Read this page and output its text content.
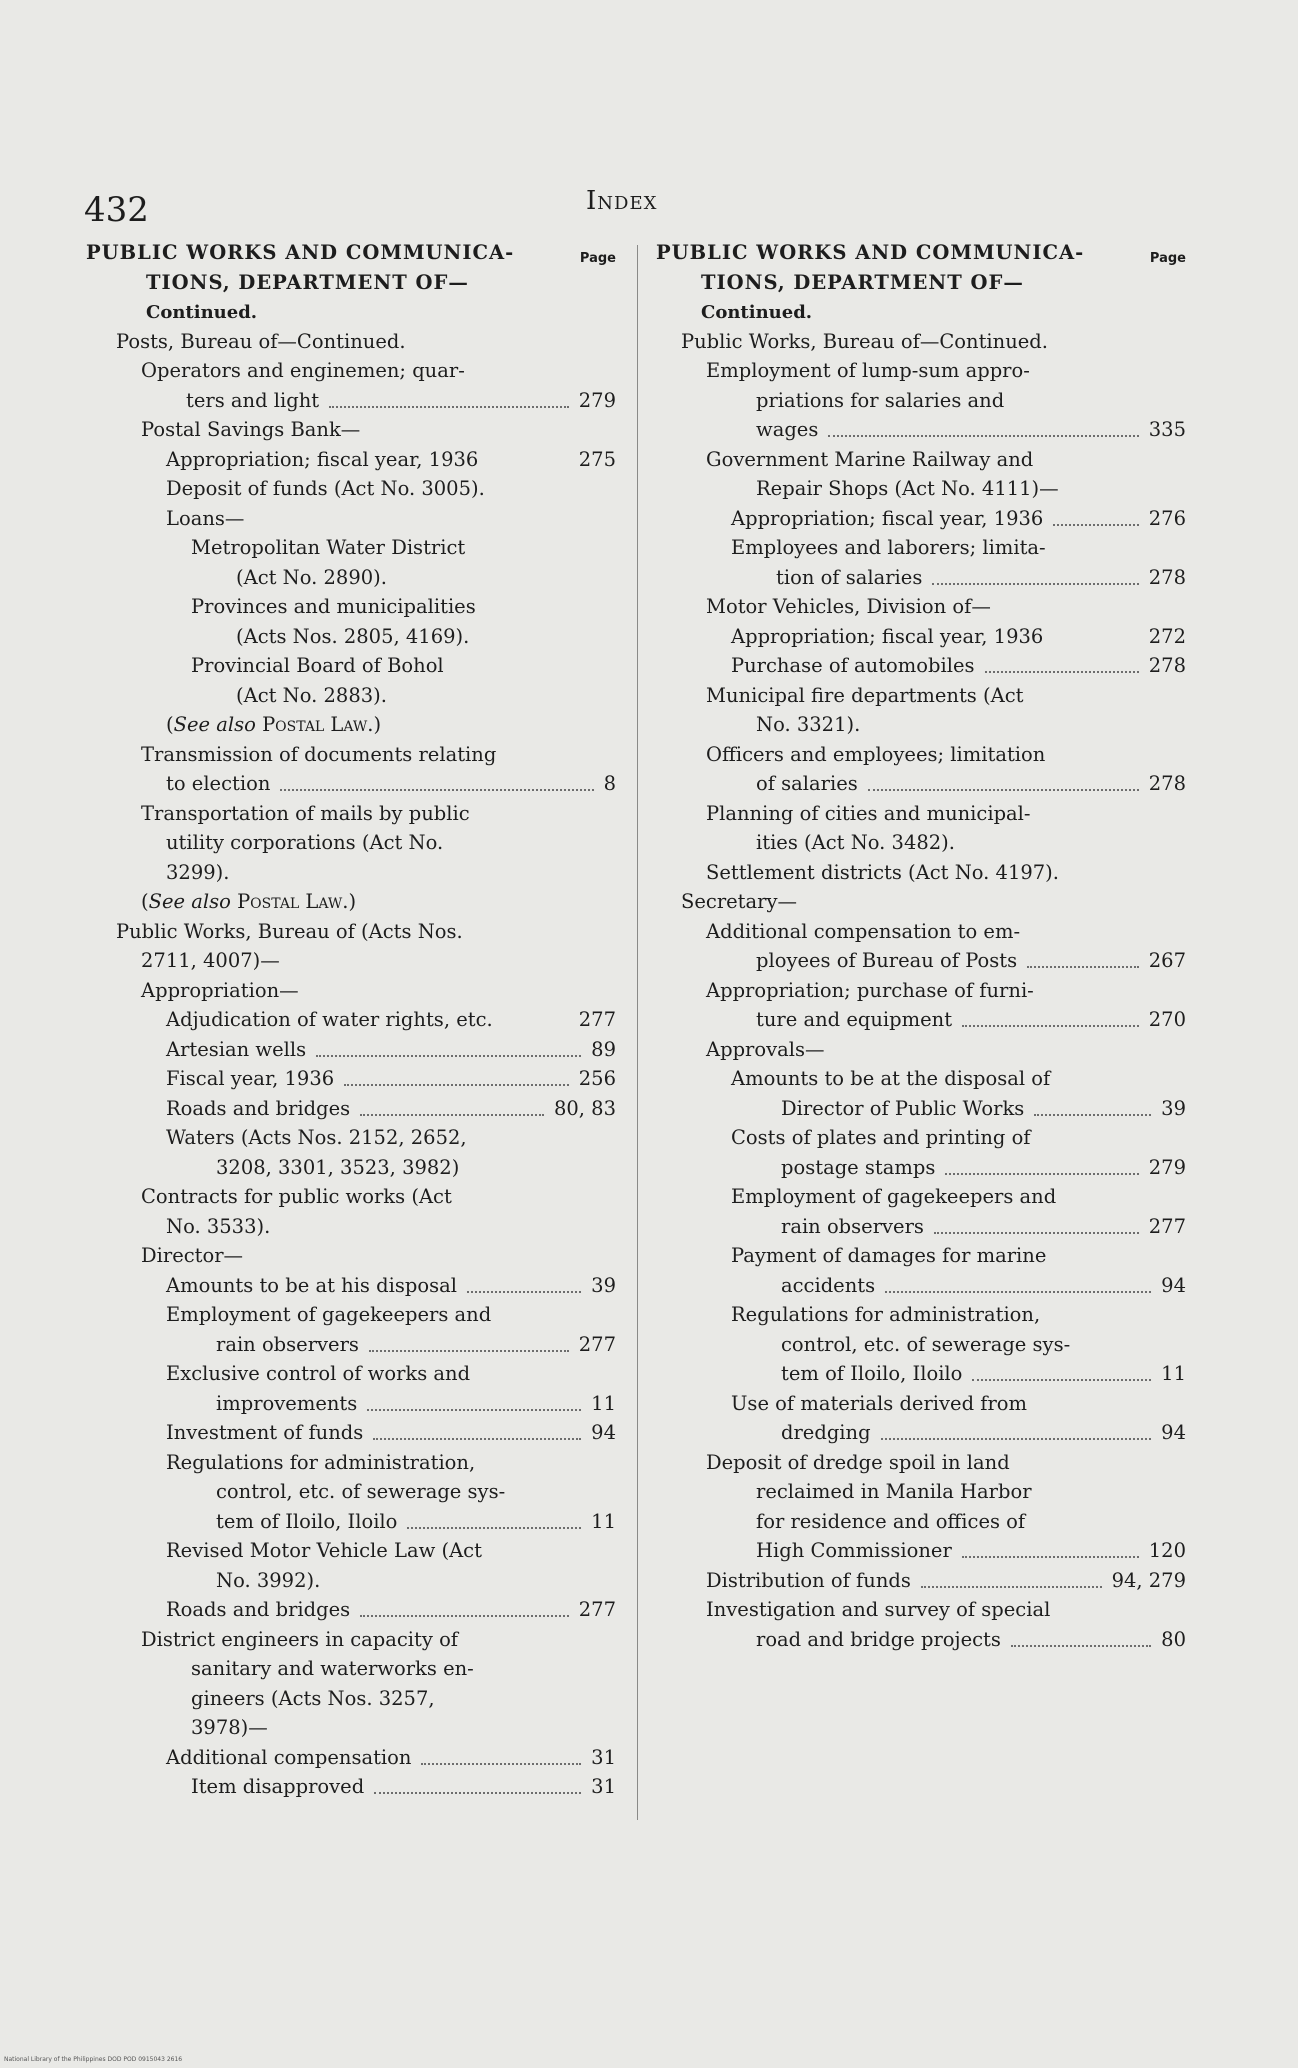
432	Index
PUBLIC WORKS AND COMMUNICA-	Page
TIONS, DEPARTMENT OF—
Continued.
Posts, Bureau of—Continued.
Operators and enginemen; quar-
ters and light	279
Postal Savings Bank—
Appropriation; fiscal year, 1936	275
Deposit of funds (Act No. 3005).
Loans—
Metropolitan Water District
(Act No. 2890).
Provinces and municipalities
(Acts Nos. 2805, 4169).
Provincial Board of Bohol
(Act No. 2883).
(See also Postal Law.)
Transmission of documents relating
to election	8
Transportation of mails by public
utility corporations (Act No.
3299).
(See also Postal Law.)
Public Works, Bureau of (Acts Nos.
2711, 4007)—
Appropriation—
Adjudication of water rights, etc.	277
Artesian wells	89
Fiscal year, 1936	256
Roads and bridges	80, 83
Waters (Acts Nos. 2152, 2652,
3208, 3301, 3523, 3982)
Contracts for public works (Act
No. 3533).
Director—
Amounts to be at his disposal	39
Employment of gagekeepers and
rain observers	277
Exclusive control of works and
improvements	11
Investment of funds	94
Regulations for administration,
control, etc. of sewerage sys-
tem of Iloilo, Iloilo	11
Revised Motor Vehicle Law (Act
No. 3992).
Roads and bridges	277
District engineers in capacity of
sanitary and waterworks en-
gineers (Acts Nos. 3257,
3978)—
Additional compensation	31
Item disapproved	31
PUBLIC WORKS AND COMMUNICA-	Page
TIONS, DEPARTMENT OF—
Continued.
Public Works, Bureau of—Continued.
Employment of lump-sum appro-
priations for salaries and
wages	335
Government Marine Railway and
Repair Shops (Act No. 4111)—
Appropriation; fiscal year, 1936	276
Employees and laborers; limita-
tion of salaries	278
Motor Vehicles, Division of—
Appropriation; fiscal year, 1936	272
Purchase of automobiles	278
Municipal fire departments (Act
No. 3321).
Officers and employees; limitation
of salaries	278
Planning of cities and municipal-
ities (Act No. 3482).
Settlement districts (Act No. 4197).
Secretary—
Additional compensation to em-
ployees of Bureau of Posts	267
Appropriation; purchase of furni-
ture and equipment	270
Approvals—
Amounts to be at the disposal of
Director of Public Works	39
Costs of plates and printing of
postage stamps	279
Employment of gagekeepers and
rain observers	277
Payment of damages for marine
accidents	94
Regulations for administration,
control, etc. of sewerage sys-
tem of Iloilo, Iloilo	11
Use of materials derived from
dredging	94
Deposit of dredge spoil in land
reclaimed in Manila Harbor
for residence and offices of
High Commissioner	120
Distribution of funds	94, 279
Investigation and survey of special
road and bridge projects	80
National Library of the Philippines DOD POD 0915043 2616
